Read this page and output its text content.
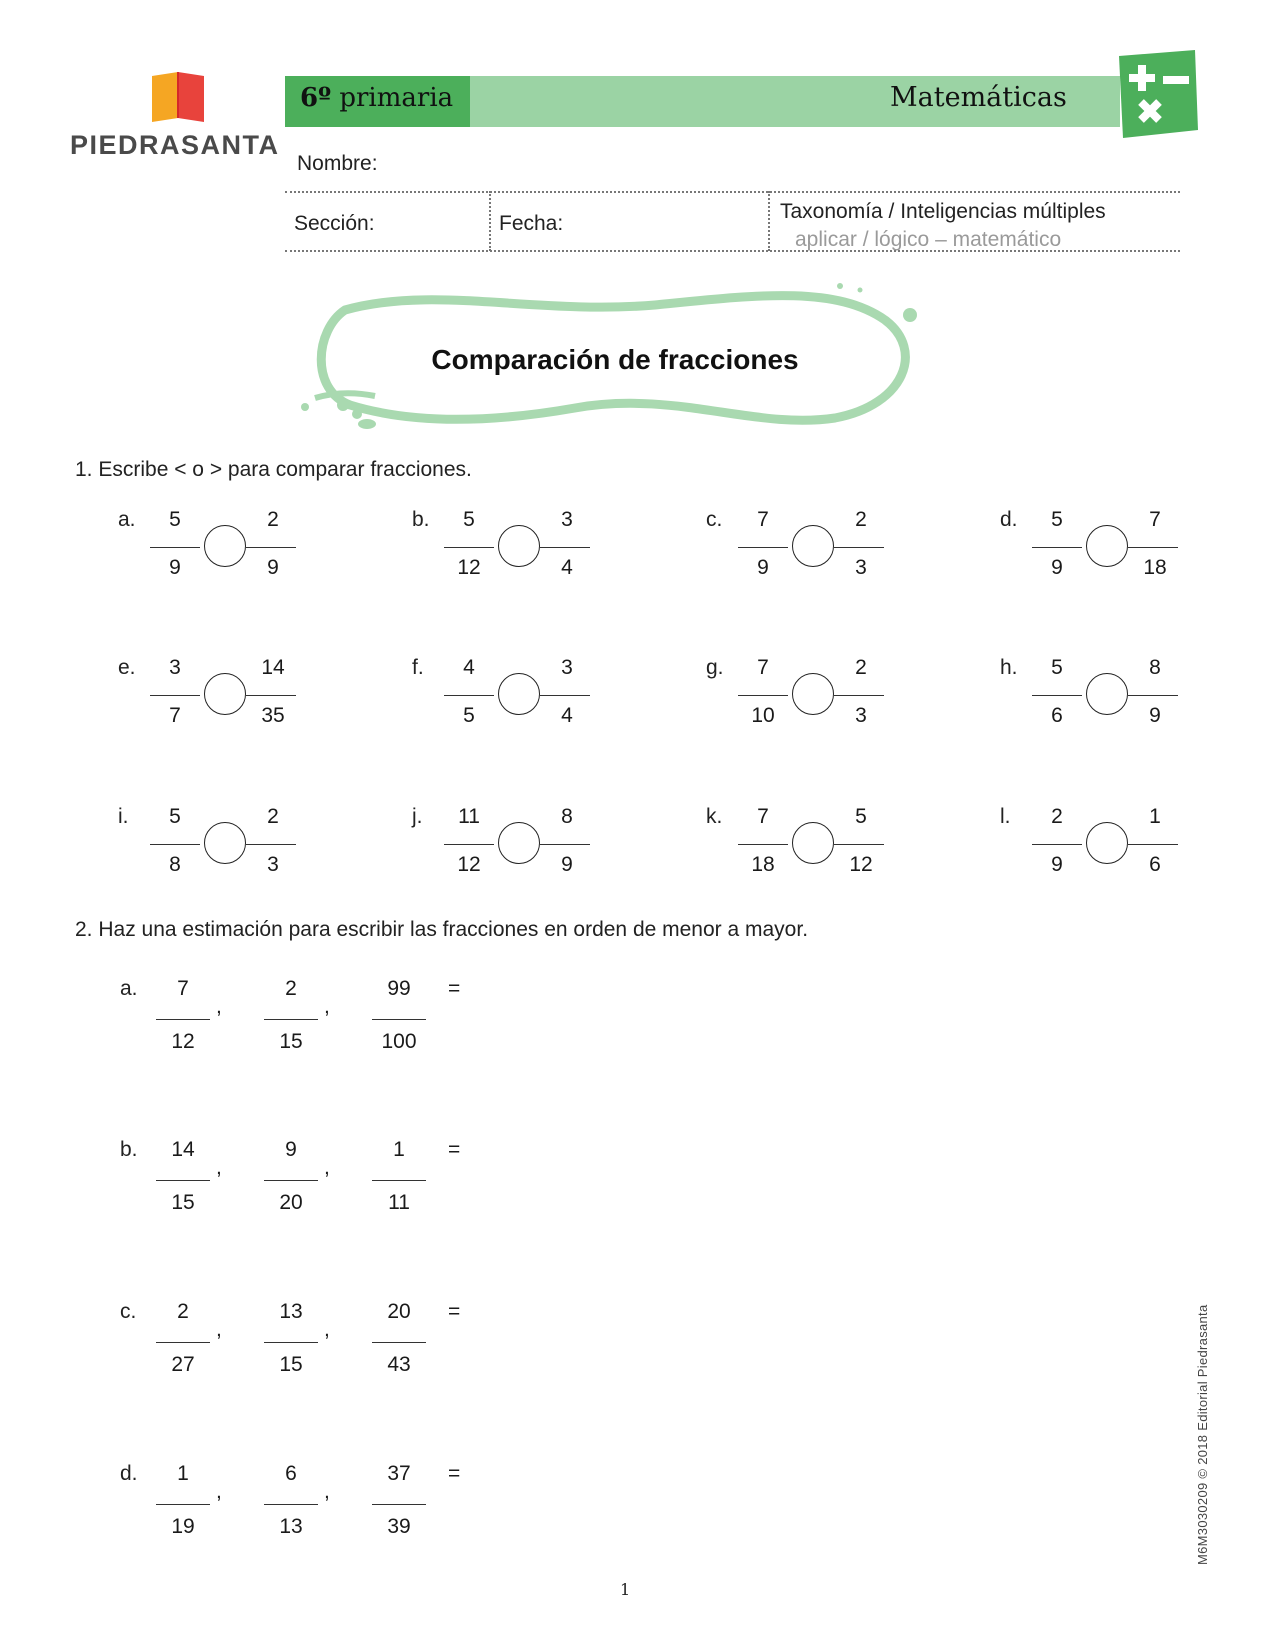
PIEDRASANTA
6º primaria	Matemáticas
Nombre:
Sección:	Fecha:
Taxonomía / Inteligencias múltiples
aplicar / lógico – matemático
Comparación de fracciones
1. Escribe < o > para comparar fracciones.
a.	5
9
2
9
b.	5
12
3
4
c.	7
9
2
3
d.	5
9
7
18
e.	3
7
14
35
f.	4
5
3
4
g.	7
10
2
3
h.	5
6
8
9
i.	5
8
2
3
j.	11
12
8
9
k.	7
18
5
12
l.	2
9
1
6
2. Haz una estimación para escribir las fracciones en orden de menor a mayor.
a.	7
12
,
2
15
,
99
100
=
b.	14
15
,
9
20
,
1
11
=
c.	2
27
,
13
15
,
20
43
=
d.	1
19
,
6
13
,
37
39
=	M6M3030209 © 2018 Editorial Piedrasanta
1
